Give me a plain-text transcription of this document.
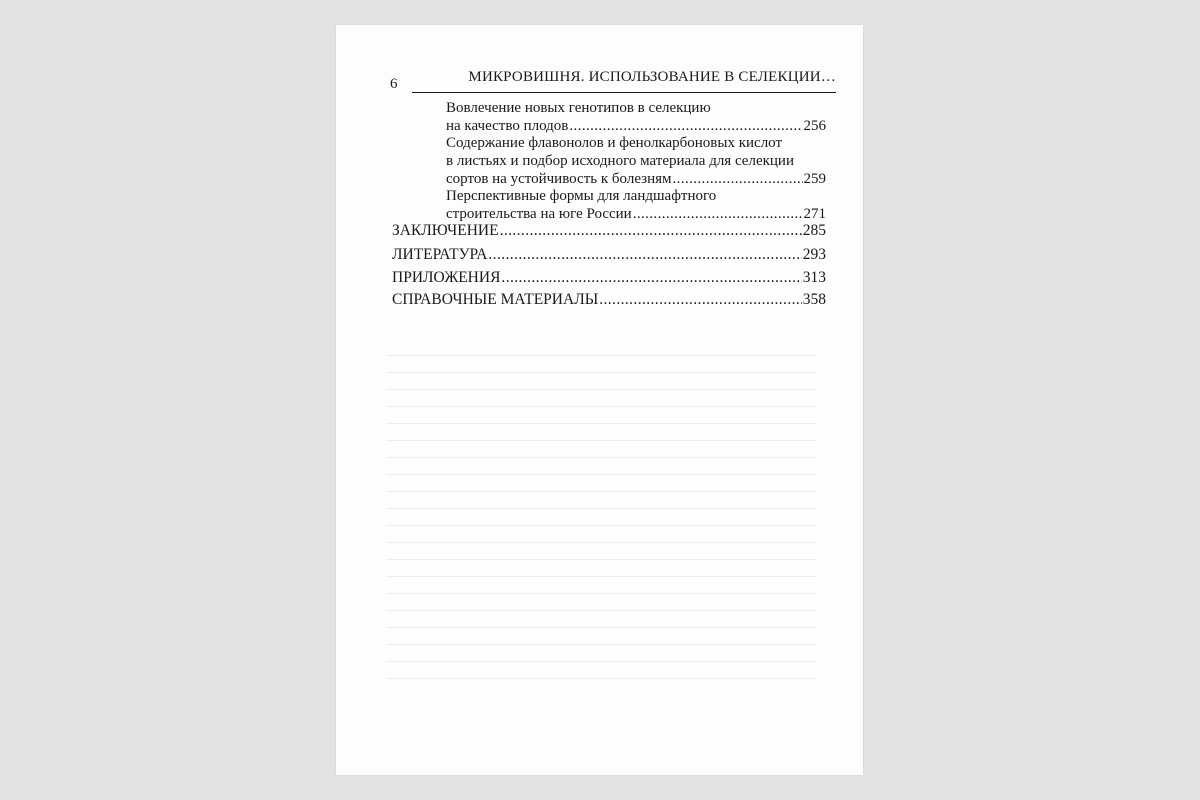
6	МИКРОВИШНЯ. ИСПОЛЬЗОВАНИЕ В СЕЛЕКЦИИ…
Вовлечение новых генотипов в селекцию
на качество плодов .....	256
Содержание флавонолов и фенолкарбоновых кислот
в листьях и подбор исходного материала для селекции
сортов на устойчивость к болезням .....	259
Перспективные формы для ландшафтного
строительства на юге России .....	271
ЗАКЛЮЧЕНИЕ .....	285
ЛИТЕРАТУРА .....	293
ПРИЛОЖЕНИЯ .....	313
СПРАВОЧНЫЕ МАТЕРИАЛЫ .....	358
